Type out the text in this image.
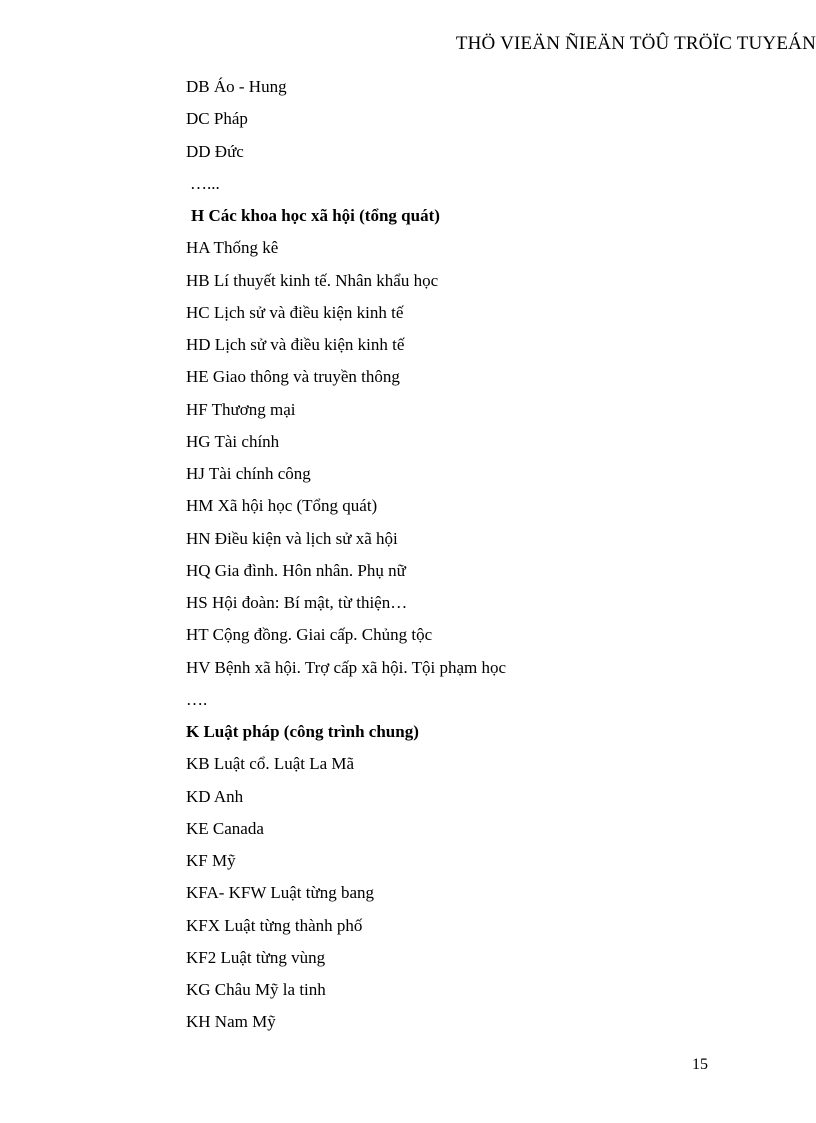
THÖ VIEÄN ÑIEÄN TÖÛ TRÖÏC TUYEÁN
DB Áo - Hung
DC Pháp
DD Đức
…...
H Các khoa học xã hội (tổng quát)
HA Thống kê
HB Lí thuyết kinh tế. Nhân khẩu học
HC Lịch sử và điều kiện kinh tế
HD Lịch sử và điều kiện kinh tế
HE Giao thông và truyền thông
HF Thương mại
HG Tài chính
HJ Tài chính công
HM Xã hội học (Tổng quát)
HN Điều kiện và lịch sử xã hội
HQ Gia đình. Hôn nhân. Phụ nữ
HS Hội đoàn: Bí mật, từ thiện…
HT Cộng đồng. Giai cấp. Chủng tộc
HV Bệnh xã hội. Trợ cấp xã hội. Tội phạm học
….
K Luật pháp (công trình chung)
KB Luật cổ. Luật La Mã
KD Anh
KE Canada
KF Mỹ
KFA- KFW Luật từng bang
KFX Luật từng thành phố
KF2 Luật từng vùng
KG Châu Mỹ la tinh
KH Nam Mỹ
15
